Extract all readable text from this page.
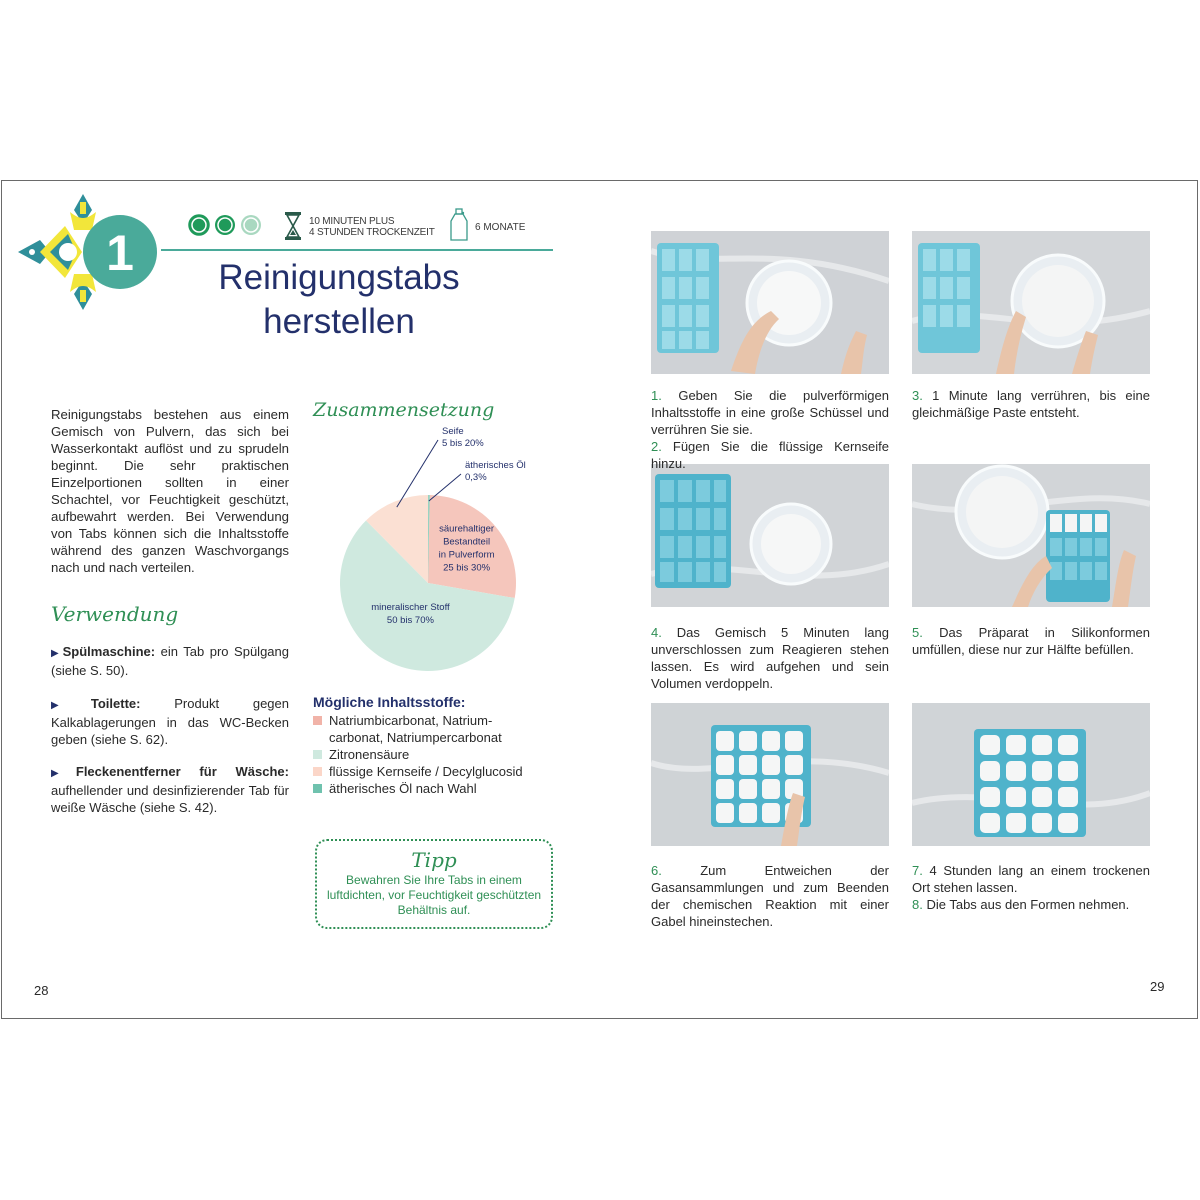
1
10 MINUTEN PLUS
4 STUNDEN TROCKENZEIT	6 MONATE
Reinigungstabs
herstellen
Reinigungstabs bestehen aus einem Gemisch von Pulvern, das sich bei Wasserkontakt auflöst und zu sprudeln beginnt. Die sehr praktischen Einzelportionen sollten in einer Schachtel, vor Feuchtigkeit geschützt, aufbewahrt werden. Bei Verwendung von Tabs können sich die Inhaltsstoffe während des ganzen Waschvorgangs nach und nach verteilen.
Verwendung
▶ Spülmaschine: ein Tab pro Spülgang (siehe S. 50).
▶ Toilette: Produkt gegen Kalkablagerungen in das WC-Becken geben (siehe S. 62).
▶ Fleckenentferner für Wäsche: aufhellender und desinfizierender Tab für weiße Wäsche (siehe S. 42).
Zusammensetzung
säurehaltiger
Bestandteil
in Pulverform
25 bis 30%
mineralischer Stoff
50 bis 70%
Seife
5 bis 20%
ätherisches Öl
0,3%
Mögliche Inhaltsstoffe:
Natriumbicarbonat, Natrium-
carbonat, Natriumpercarbonat
Zitronensäure
flüssige Kernseife / Decylglucosid
ätherisches Öl nach Wahl
Tipp
Bewahren Sie Ihre Tabs in einem luftdichten, vor Feuchtigkeit geschützten Behältnis auf.
1. Geben Sie die pulverförmigen Inhaltsstoffe in eine große Schüssel und verrühren Sie sie.
2. Fügen Sie die flüssige Kernseife hinzu.
3. 1 Minute lang verrühren, bis eine gleichmäßige Paste entsteht.
4. Das Gemisch 5 Minuten lang unverschlossen zum Reagieren stehen lassen. Es wird aufgehen und sein Volumen verdoppeln.
5. Das Präparat in Silikonformen umfüllen, diese nur zur Hälfte befüllen.
6. Zum Entweichen der Gasansammlungen und zum Beenden der chemischen Reaktion mit einer Gabel hineinstechen.
7. 4 Stunden lang an einem trockenen Ort stehen lassen.
8. Die Tabs aus den Formen nehmen.
28	29
